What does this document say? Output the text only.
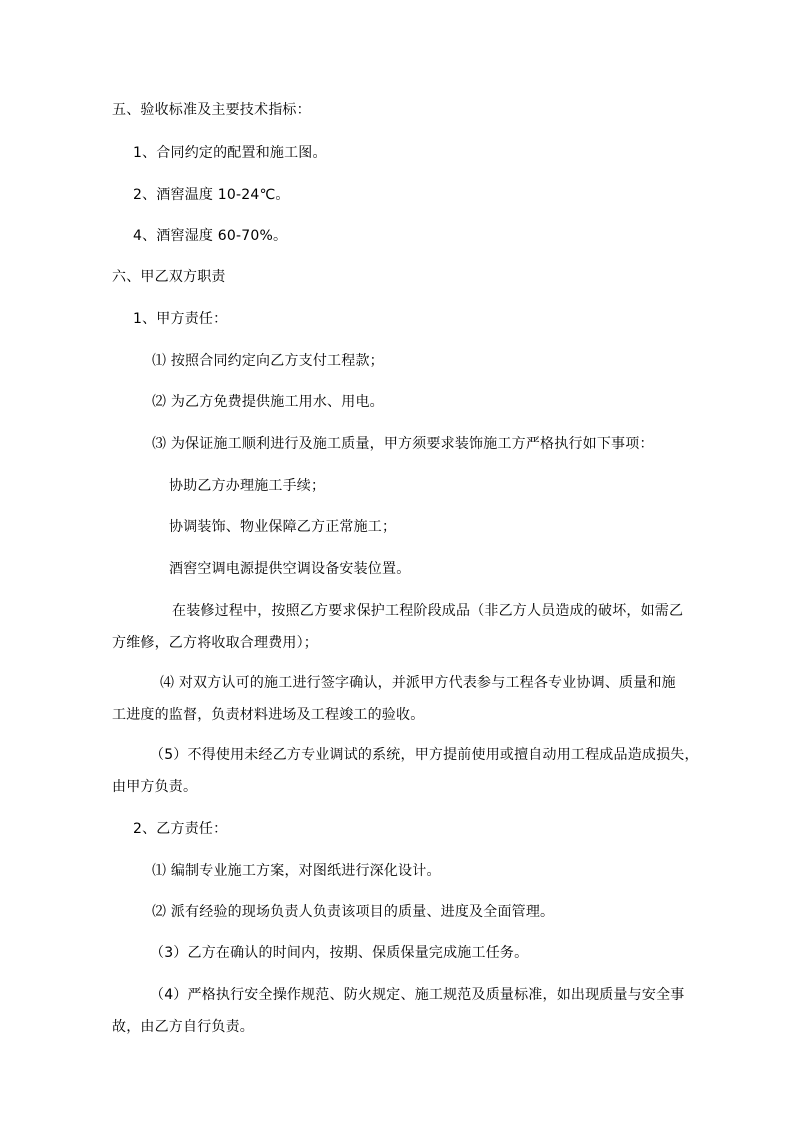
五、验收标准及主要技术指标：
1、合同约定的配置和施工图。
2、酒窖温度 10-24℃。
4、酒窖湿度 60-70%。
六、甲乙双方职责
1、甲方责任：
⑴ 按照合同约定向乙方支付工程款；
⑵ 为乙方免费提供施工用水、用电。
⑶ 为保证施工顺利进行及施工质量，甲方须要求装饰施工方严格执行如下事项：
协助乙方办理施工手续；
协调装饰、物业保障乙方正常施工；
酒窖空调电源提供空调设备安装位置。
在装修过程中，按照乙方要求保护工程阶段成品（非乙方人员造成的破坏，如需乙
方维修，乙方将收取合理费用）；
⑷ 对双方认可的施工进行签字确认，并派甲方代表参与工程各专业协调、质量和施
工进度的监督，负责材料进场及工程竣工的验收。
（5）不得使用未经乙方专业调试的系统，甲方提前使用或擅自动用工程成品造成损失，
由甲方负责。
2、乙方责任：
⑴ 编制专业施工方案，对图纸进行深化设计。
⑵ 派有经验的现场负责人负责该项目的质量、进度及全面管理。
（3）乙方在确认的时间内，按期、保质保量完成施工任务。
（4）严格执行安全操作规范、防火规定、施工规范及质量标准，如出现质量与安全事
故，由乙方自行负责。
